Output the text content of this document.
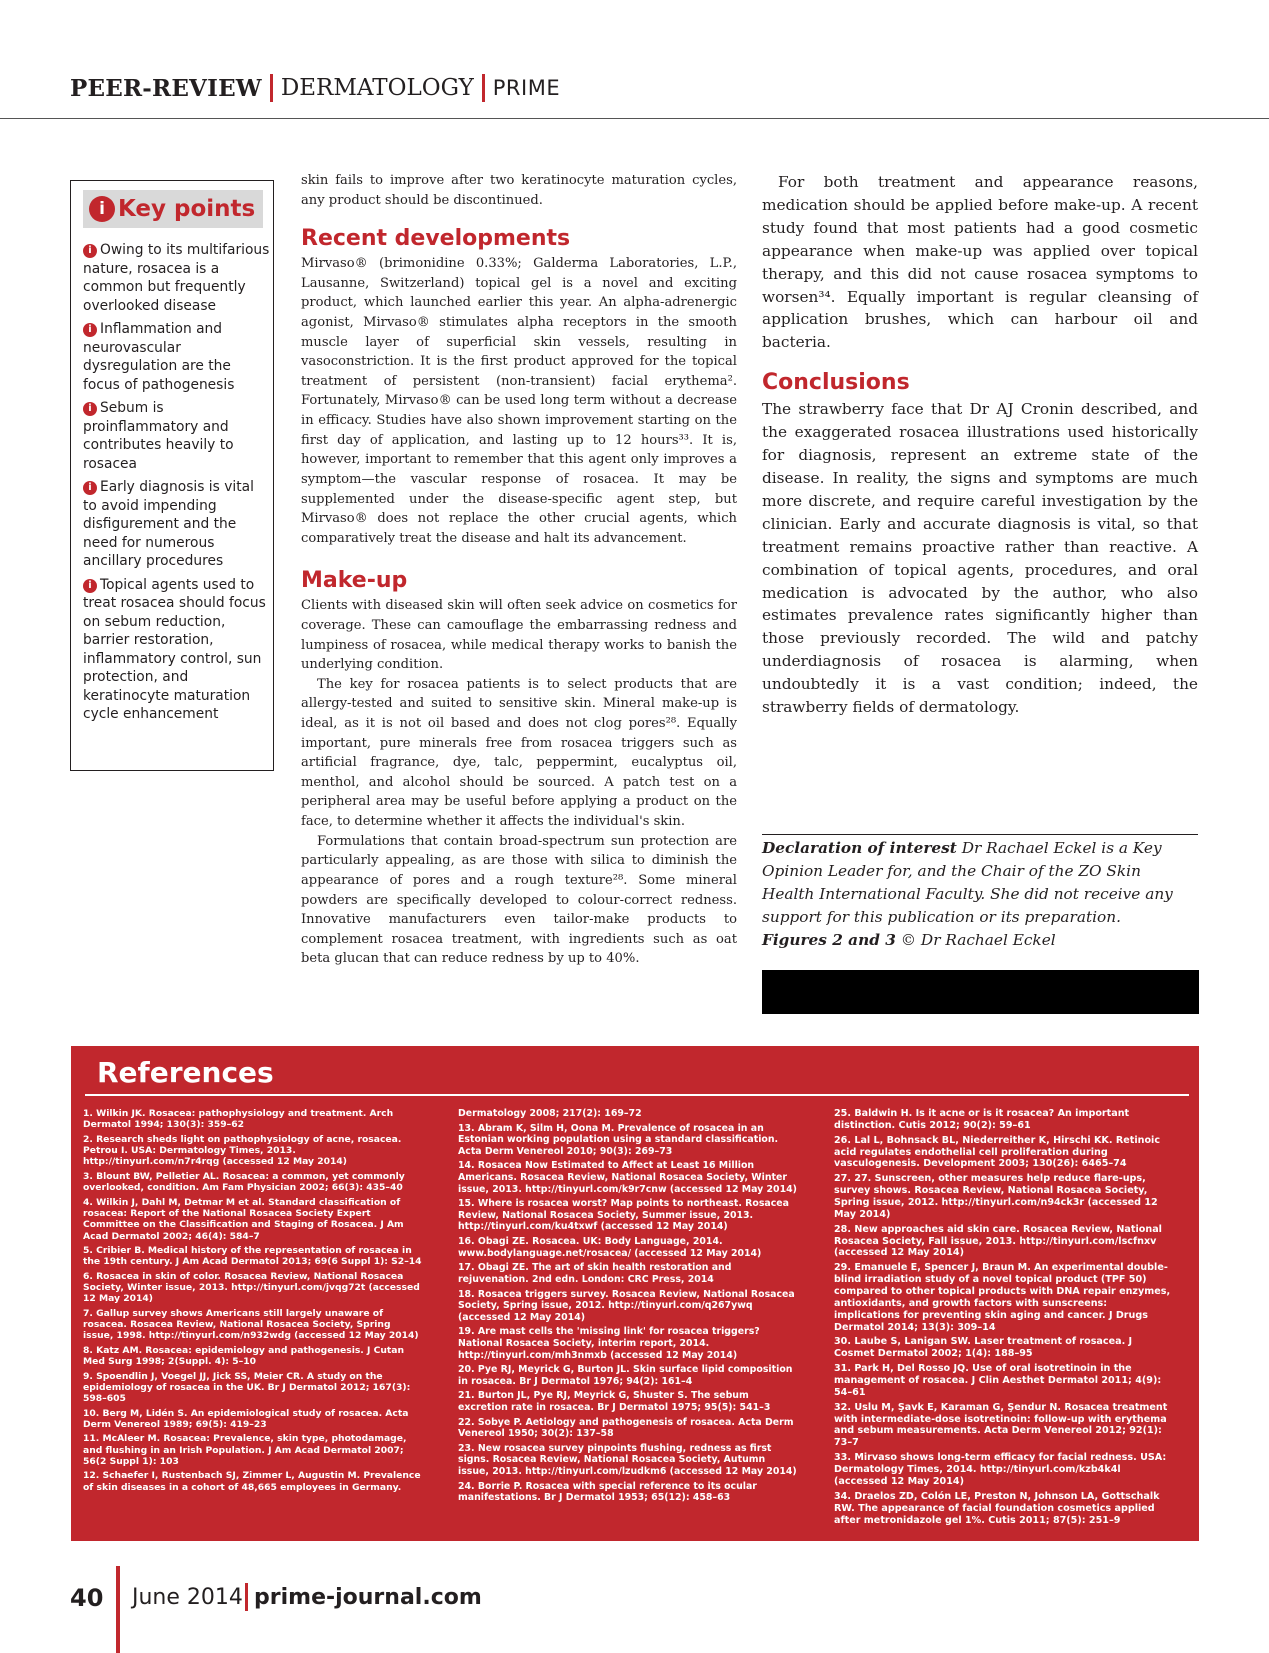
PEER-REVIEW DERMATOLOGY PRIME
i Key points
i Owing to its multifarious nature, rosacea is a common but frequently overlooked disease
i Inflammation and neurovascular dysregulation are the focus of pathogenesis
i Sebum is proinflammatory and contributes heavily to rosacea
i Early diagnosis is vital to avoid impending disfigurement and the need for numerous ancillary procedures
i Topical agents used to treat rosacea should focus on sebum reduction, barrier restoration, inflammatory control, sun protection, and keratinocyte maturation cycle enhancement

skin fails to improve after two keratinocyte maturation cycles, any product should be discontinued.

Recent developments

Mirvaso® (brimonidine 0.33%; Galderma Laboratories, L.P., Lausanne, Switzerland) topical gel is a novel and exciting product, which launched earlier this year. An alpha-adrenergic agonist, Mirvaso® stimulates alpha receptors in the smooth muscle layer of superficial skin vessels, resulting in vasoconstriction. It is the first product approved for the topical treatment of persistent (non-transient) facial erythema². Fortunately, Mirvaso® can be used long term without a decrease in efficacy. Studies have also shown improvement starting on the first day of application, and lasting up to 12 hours³³. It is, however, important to remember that this agent only improves a symptom—the vascular response of rosacea. It may be supplemented under the disease-specific agent step, but Mirvaso® does not replace the other crucial agents, which comparatively treat the disease and halt its advancement.

Make-up

Clients with diseased skin will often seek advice on cosmetics for coverage. These can camouflage the embarrassing redness and lumpiness of rosacea, while medical therapy works to banish the underlying condition.

The key for rosacea patients is to select products that are allergy-tested and suited to sensitive skin. Mineral make-up is ideal, as it is not oil based and does not clog pores²⁸. Equally important, pure minerals free from rosacea triggers such as artificial fragrance, dye, talc, peppermint, eucalyptus oil, menthol, and alcohol should be sourced. A patch test on a peripheral area may be useful before applying a product on the face, to determine whether it affects the individual's skin.

Formulations that contain broad-spectrum sun protection are particularly appealing, as are those with silica to diminish the appearance of pores and a rough texture²⁸. Some mineral powders are specifically developed to colour-correct redness. Innovative manufacturers even tailor-make products to complement rosacea treatment, with ingredients such as oat beta glucan that can reduce redness by up to 40%.

For both treatment and appearance reasons, medication should be applied before make-up. A recent study found that most patients had a good cosmetic appearance when make-up was applied over topical therapy, and this did not cause rosacea symptoms to worsen³⁴. Equally important is regular cleansing of application brushes, which can harbour oil and bacteria.

Conclusions

The strawberry face that Dr AJ Cronin described, and the exaggerated rosacea illustrations used historically for diagnosis, represent an extreme state of the disease. In reality, the signs and symptoms are much more discrete, and require careful investigation by the clinician. Early and accurate diagnosis is vital, so that treatment remains proactive rather than reactive. A combination of topical agents, procedures, and oral medication is advocated by the author, who also estimates prevalence rates significantly higher than those previously recorded. The wild and patchy underdiagnosis of rosacea is alarming, when undoubtedly it is a vast condition; indeed, the strawberry fields of dermatology.

Declaration of interest Dr Rachael Eckel is a Key Opinion Leader for, and the Chair of the ZO Skin Health International Faculty. She did not receive any support for this publication or its preparation.
Figures 2 and 3 © Dr Rachael Eckel
References
1. Wilkin JK. Rosacea: pathophysiology and treatment. Arch Dermatol 1994; 130(3): 359–62
2. Research sheds light on pathophysiology of acne, rosacea. Petrou I. USA: Dermatology Times, 2013. http://tinyurl.com/n7r4rqg (accessed 12 May 2014)
3. Blount BW, Pelletier AL. Rosacea: a common, yet commonly overlooked, condition. Am Fam Physician 2002; 66(3): 435–40
4. Wilkin J, Dahl M, Detmar M et al. Standard classification of rosacea: Report of the National Rosacea Society Expert Committee on the Classification and Staging of Rosacea. J Am Acad Dermatol 2002; 46(4): 584–7
5. Cribier B. Medical history of the representation of rosacea in the 19th century. J Am Acad Dermatol 2013; 69(6 Suppl 1): S2–14
6. Rosacea in skin of color. Rosacea Review, National Rosacea Society, Winter issue, 2013. http://tinyurl.com/jvqg72t (accessed 12 May 2014)
7. Gallup survey shows Americans still largely unaware of rosacea. Rosacea Review, National Rosacea Society, Spring issue, 1998. http://tinyurl.com/n932wdg (accessed 12 May 2014)
8. Katz AM. Rosacea: epidemiology and pathogenesis. J Cutan Med Surg 1998; 2(Suppl. 4): 5–10
9. Spoendlin J, Voegel JJ, Jick SS, Meier CR. A study on the epidemiology of rosacea in the UK. Br J Dermatol 2012; 167(3): 598–605
10. Berg M, Lidén S. An epidemiological study of rosacea. Acta Derm Venereol 1989; 69(5): 419–23
11. McAleer M. Rosacea: Prevalence, skin type, photodamage, and flushing in an Irish Population. J Am Acad Dermatol 2007; 56(2 Suppl 1): 103
12. Schaefer I, Rustenbach SJ, Zimmer L, Augustin M. Prevalence of skin diseases in a cohort of 48,665 employees in Germany.
Dermatology 2008; 217(2): 169–72
13. Abram K, Silm H, Oona M. Prevalence of rosacea in an Estonian working population using a standard classification. Acta Derm Venereol 2010; 90(3): 269–73
14. Rosacea Now Estimated to Affect at Least 16 Million Americans. Rosacea Review, National Rosacea Society, Winter issue, 2013. http://tinyurl.com/k9r7cnw (accessed 12 May 2014)
15. Where is rosacea worst? Map points to northeast. Rosacea Review, National Rosacea Society, Summer issue, 2013. http://tinyurl.com/ku4txwf (accessed 12 May 2014)
16. Obagi ZE. Rosacea. UK: Body Language, 2014. www.bodylanguage.net/rosacea/ (accessed 12 May 2014)
17. Obagi ZE. The art of skin health restoration and rejuvenation. 2nd edn. London: CRC Press, 2014
18. Rosacea triggers survey. Rosacea Review, National Rosacea Society, Spring issue, 2012. http://tinyurl.com/q267ywq (accessed 12 May 2014)
19. Are mast cells the 'missing link' for rosacea triggers? National Rosacea Society, interim report, 2014. http://tinyurl.com/mh3nmxb (accessed 12 May 2014)
20. Pye RJ, Meyrick G, Burton JL. Skin surface lipid composition in rosacea. Br J Dermatol 1976; 94(2): 161–4
21. Burton JL, Pye RJ, Meyrick G, Shuster S. The sebum excretion rate in rosacea. Br J Dermatol 1975; 95(5): 541–3
22. Sobye P. Aetiology and pathogenesis of rosacea. Acta Derm Venereol 1950; 30(2): 137–58
23. New rosacea survey pinpoints flushing, redness as first signs. Rosacea Review, National Rosacea Society, Autumn issue, 2013. http://tinyurl.com/lzudkm6 (accessed 12 May 2014)
24. Borrie P. Rosacea with special reference to its ocular manifestations. Br J Dermatol 1953; 65(12): 458–63
25. Baldwin H. Is it acne or is it rosacea? An important distinction. Cutis 2012; 90(2): 59–61
26. Lal L, Bohnsack BL, Niederreither K, Hirschi KK. Retinoic acid regulates endothelial cell proliferation during vasculogenesis. Development 2003; 130(26): 6465–74
27. 27. Sunscreen, other measures help reduce flare-ups, survey shows. Rosacea Review, National Rosacea Society, Spring issue, 2012. http://tinyurl.com/n94ck3r (accessed 12 May 2014)
28. New approaches aid skin care. Rosacea Review, National Rosacea Society, Fall issue, 2013. http://tinyurl.com/lscfnxv (accessed 12 May 2014)
29. Emanuele E, Spencer J, Braun M. An experimental double-blind irradiation study of a novel topical product (TPF 50) compared to other topical products with DNA repair enzymes, antioxidants, and growth factors with sunscreens: implications for preventing skin aging and cancer. J Drugs Dermatol 2014; 13(3): 309–14
30. Laube S, Lanigan SW. Laser treatment of rosacea. J Cosmet Dermatol 2002; 1(4): 188–95
31. Park H, Del Rosso JQ. Use of oral isotretinoin in the management of rosacea. J Clin Aesthet Dermatol 2011; 4(9): 54–61
32. Uslu M, Şavk E, Karaman G, Şendur N. Rosacea treatment with intermediate-dose isotretinoin: follow-up with erythema and sebum measurements. Acta Derm Venereol 2012; 92(1): 73–7
33. Mirvaso shows long-term efficacy for facial redness. USA: Dermatology Times, 2014. http://tinyurl.com/kzb4k4l (accessed 12 May 2014)
34. Draelos ZD, Colón LE, Preston N, Johnson LA, Gottschalk RW. The appearance of facial foundation cosmetics applied after metronidazole gel 1%. Cutis 2011; 87(5): 251–9
40 June 2014 prime-journal.com
